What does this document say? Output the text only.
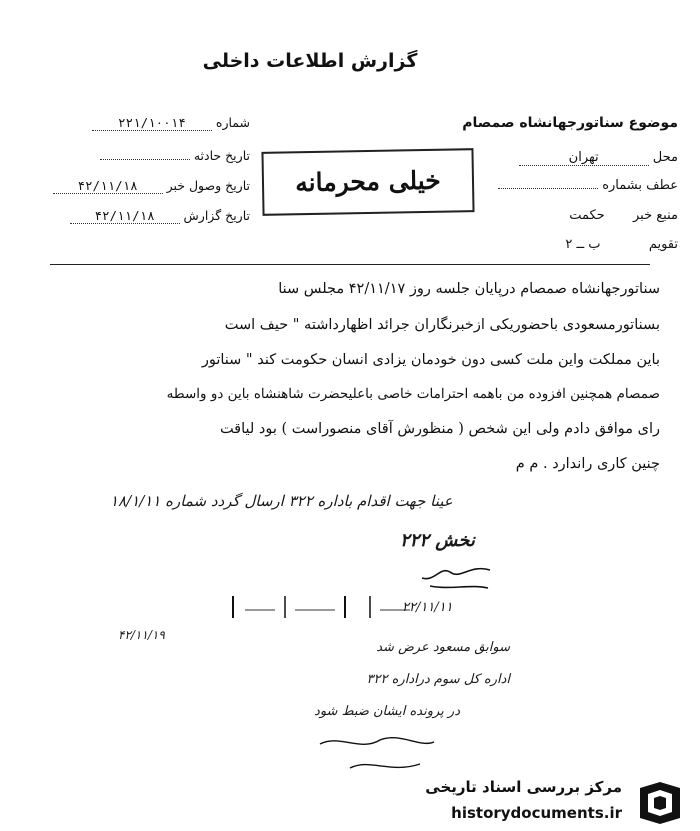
گزارش اطلاعات داخلی
شماره ۲۲۱/۱۰۰۱۴
تاریخ حادثه
تاریخ وصول خبر ۴۲/۱۱/۱۸
تاریخ گزارش ۴۲/۱۱/۱۸
خیلی محرمانه
موضوع سناتورجهانشاه صمصام
محل تهران
عطف بشماره
منبع خبر  حکمت
تقویم  ب ــ ۲
سناتورجهانشاه صمصام درپایان جلسه روز ۴۲/۱۱/۱۷ مجلس سنا
بسناتورمسعودی باحضوریکی ازخبرنگاران جرائد اظهارداشته " حیف است
باین مملکت واین ملت کسی دون خودمان یزادی انسان حکومت کند " سناتور
صمصام همچنین افزوده من باهمه احترامات خاصی باعلیحضرت شاهنشاه باین دو واسطه
رای موافق دادم ولی این شخص ( منظورش آقای منصوراست ) بود لیاقت
چنین کاری راندارد . م م
عینا جهت اقدام باداره ۳۲۲ ارسال گردد شماره ۱۸/۱/۱۱
نخش ۲۲۲
۲۲/۱۱/۱۱
۴۲/۱۱/۱۹
سوابق مسعود عرض شد
اداره کل سوم دراداره ۳۲۲
در پرونده ایشان ضبط شود
مرکز بررسی اسناد تاریخی
historydocuments.ir
